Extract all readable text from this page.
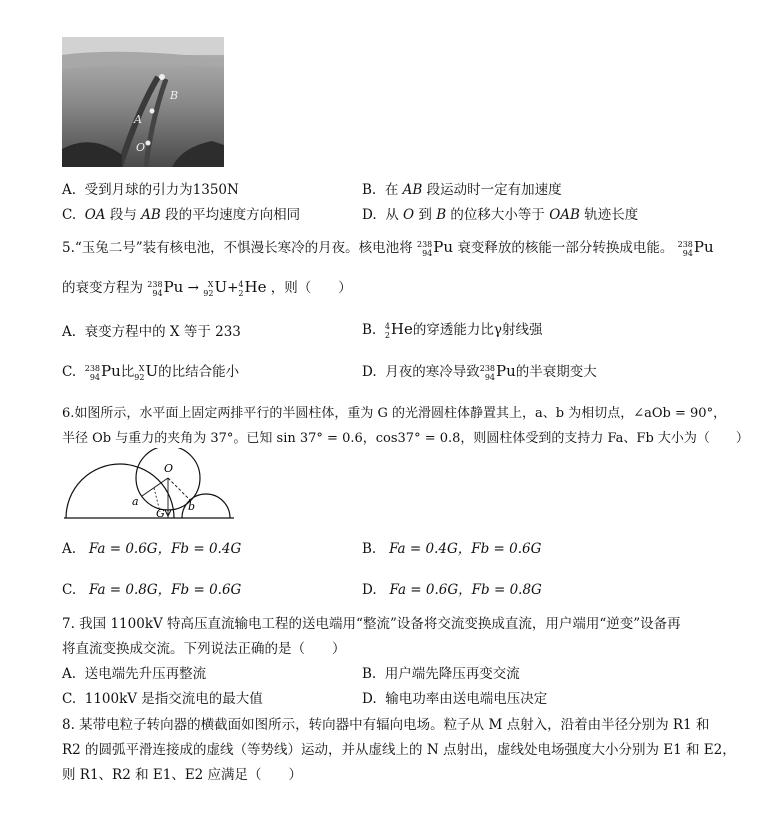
B
A
O
A. 受到月球的引力为1350N	B. 在 AB 段运动时一定有加速度
C. OA 段与 AB 段的平均速度方向相同	D. 从 O 到 B 的位移大小等于 OAB 轨迹长度
5.“玉兔二号”装有核电池，不惧漫长寒冷的月夜。核电池将 238
94 Pu 衰变释放的核能一部分转换成电能。 238
94 Pu
的衰变方程为 238
94 Pu →	X
92 U+ 4
2 He ，则（　　）
A. 衰变方程中的 X 等于 233	B. 4
2 He的穿透能力比γ射线强
C. 238
94 Pu比 X
92 U的比结合能小	D. 月夜的寒冷导致 238
94 Pu的半衰期变大
6.如图所示，水平面上固定两排平行的半圆柱体，重为 G 的光滑圆柱体静置其上，a、b 为相切点，∠aOb = 90°，
半径 Ob 与重力的夹角为 37°。已知 sin 37° = 0.6，cos37° = 0.8，则圆柱体受到的支持力 Fa、Fb 大小为（　　）
O
a	b
G
A. Fa = 0.6G，Fb = 0.4G	B. Fa = 0.4G，Fb = 0.6G
C. Fa = 0.8G，Fb = 0.6G	D. Fa = 0.6G，Fb = 0.8G
7. 我国 1100kV 特高压直流输电工程的送电端用“整流”设备将交流变换成直流，用户端用“逆变”设备再
将直流变换成交流。下列说法正确的是（　　）
A. 送电端先升压再整流	B. 用户端先降压再变交流
C. 1100kV 是指交流电的最大值	D. 输电功率由送电端电压决定
8. 某带电粒子转向器的横截面如图所示，转向器中有辐向电场。粒子从 M 点射入，沿着由半径分别为 R1 和
R2 的圆弧平滑连接成的虚线（等势线）运动，并从虚线上的 N 点射出，虚线处电场强度大小分别为 E1 和 E2，
则 R1、R2 和 E1、E2 应满足（　　）
